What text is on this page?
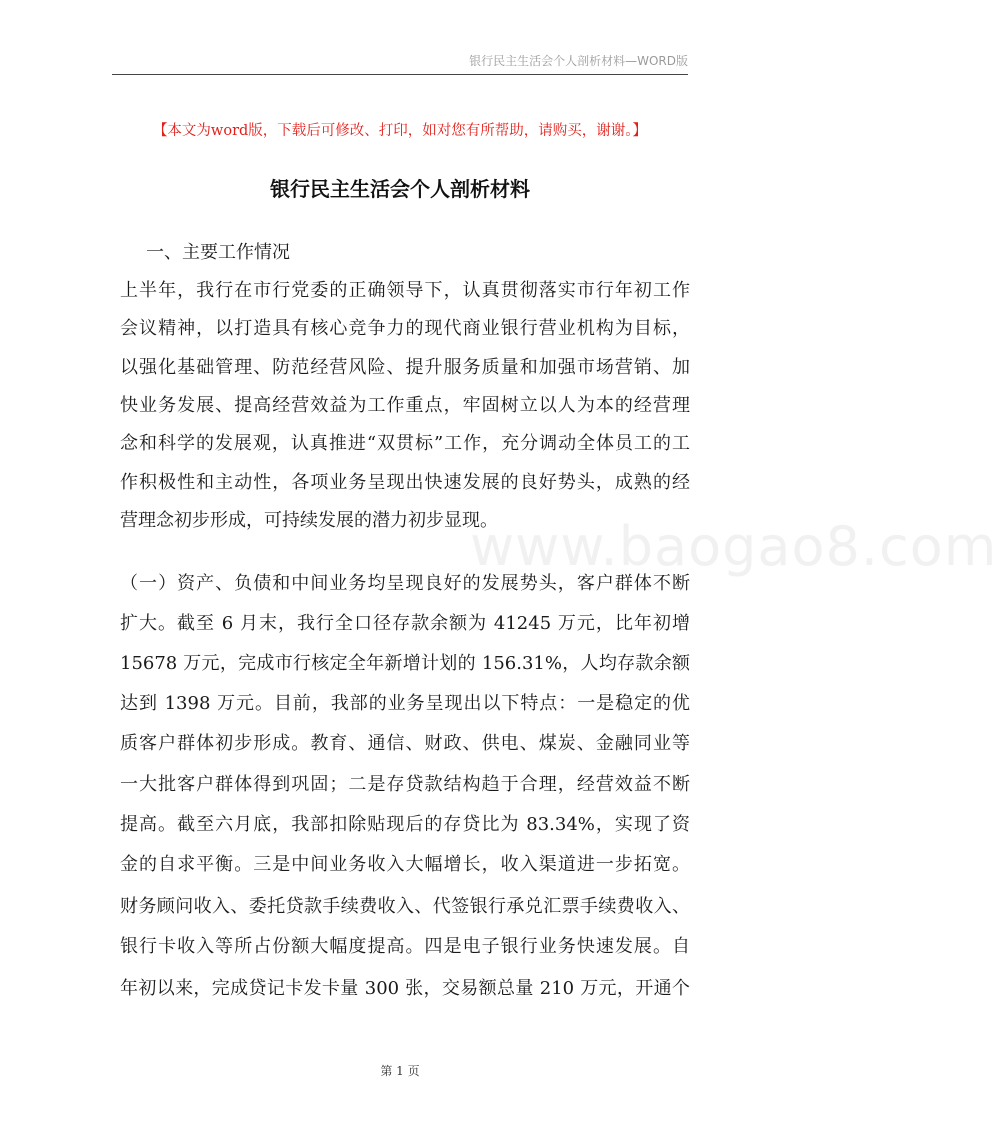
银行民主生活会个人剖析材料—WORD版
【本文为word版，下载后可修改、打印，如对您有所帮助，请购买，谢谢。】
银行民主生活会个人剖析材料
一、主要工作情况
www.baogao8.com
上半年，我行在市行党委的正确领导下，认真贯彻落实市行年初工作
会议精神，以打造具有核心竞争力的现代商业银行营业机构为目标，
以强化基础管理、防范经营风险、提升服务质量和加强市场营销、加
快业务发展、提高经营效益为工作重点，牢固树立以人为本的经营理
念和科学的发展观，认真推进“双贯标”工作，充分调动全体员工的工
作积极性和主动性，各项业务呈现出快速发展的良好势头，成熟的经
营理念初步形成，可持续发展的潜力初步显现。
（一）资产、负债和中间业务均呈现良好的发展势头，客户群体不断
扩大。截至 6 月末，我行全口径存款余额为 41245 万元，比年初增
15678 万元，完成市行核定全年新增计划的 156.31%，人均存款余额
达到 1398 万元。目前，我部的业务呈现出以下特点：一是稳定的优
质客户群体初步形成。教育、通信、财政、供电、煤炭、金融同业等
一大批客户群体得到巩固；二是存贷款结构趋于合理，经营效益不断
提高。截至六月底，我部扣除贴现后的存贷比为 83.34%，实现了资
金的自求平衡。三是中间业务收入大幅增长，收入渠道进一步拓宽。
财务顾问收入、委托贷款手续费收入、代签银行承兑汇票手续费收入、
银行卡收入等所占份额大幅度提高。四是电子银行业务快速发展。自
年初以来，完成贷记卡发卡量 300 张，交易额总量 210 万元，开通个
第 1 页
